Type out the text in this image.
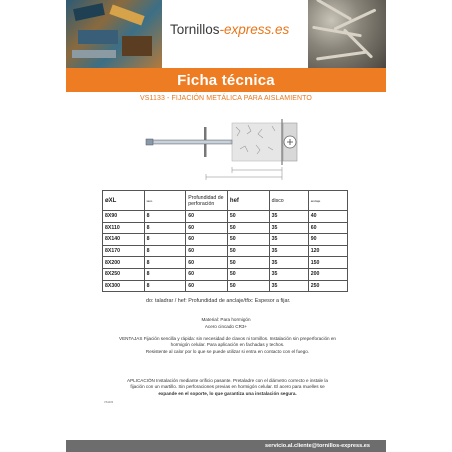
Tornillos-express.es
Ficha técnica
VS1133 - FIJACIÓN METÁLICA PARA AISLAMIENTO
øXL	taco	Profundidad de perforación	hef	disco	anclaje
8X90	8	60	50	35	40
8X110	8	60	50	35	60
8X140	8	60	50	35	90
8X170	8	60	50	35	120
8X200	8	60	50	35	150
8X250	8	60	50	35	200
8X300	8	60	50	35	250
do: taladrar / hef: Profundidad de anclaje/tfix: Espesor a fijar.
Material: Para hormigón
Acero cincado CR3+
VENTAJAS Fijación sencilla y rápida: sin necesidad de clavos ni tornillos. Instalación sin preperforación en
hormigón celular. Para aplicación en fachadas y techos.
Resistente al calor por lo que se puede utilizar si entra en contacto con el fuego.
APLICACIÓN Instalación mediante orificio pasante. Pretaladre con el diámetro correcto e instale la
fijación con un martillo. Sin perforaciones previas en hormigón celular. El acero para muelles se
expande en el soporte, lo que garantiza una instalación segura.
VS1133
servicio.al.cliente@tornillos-express.es
